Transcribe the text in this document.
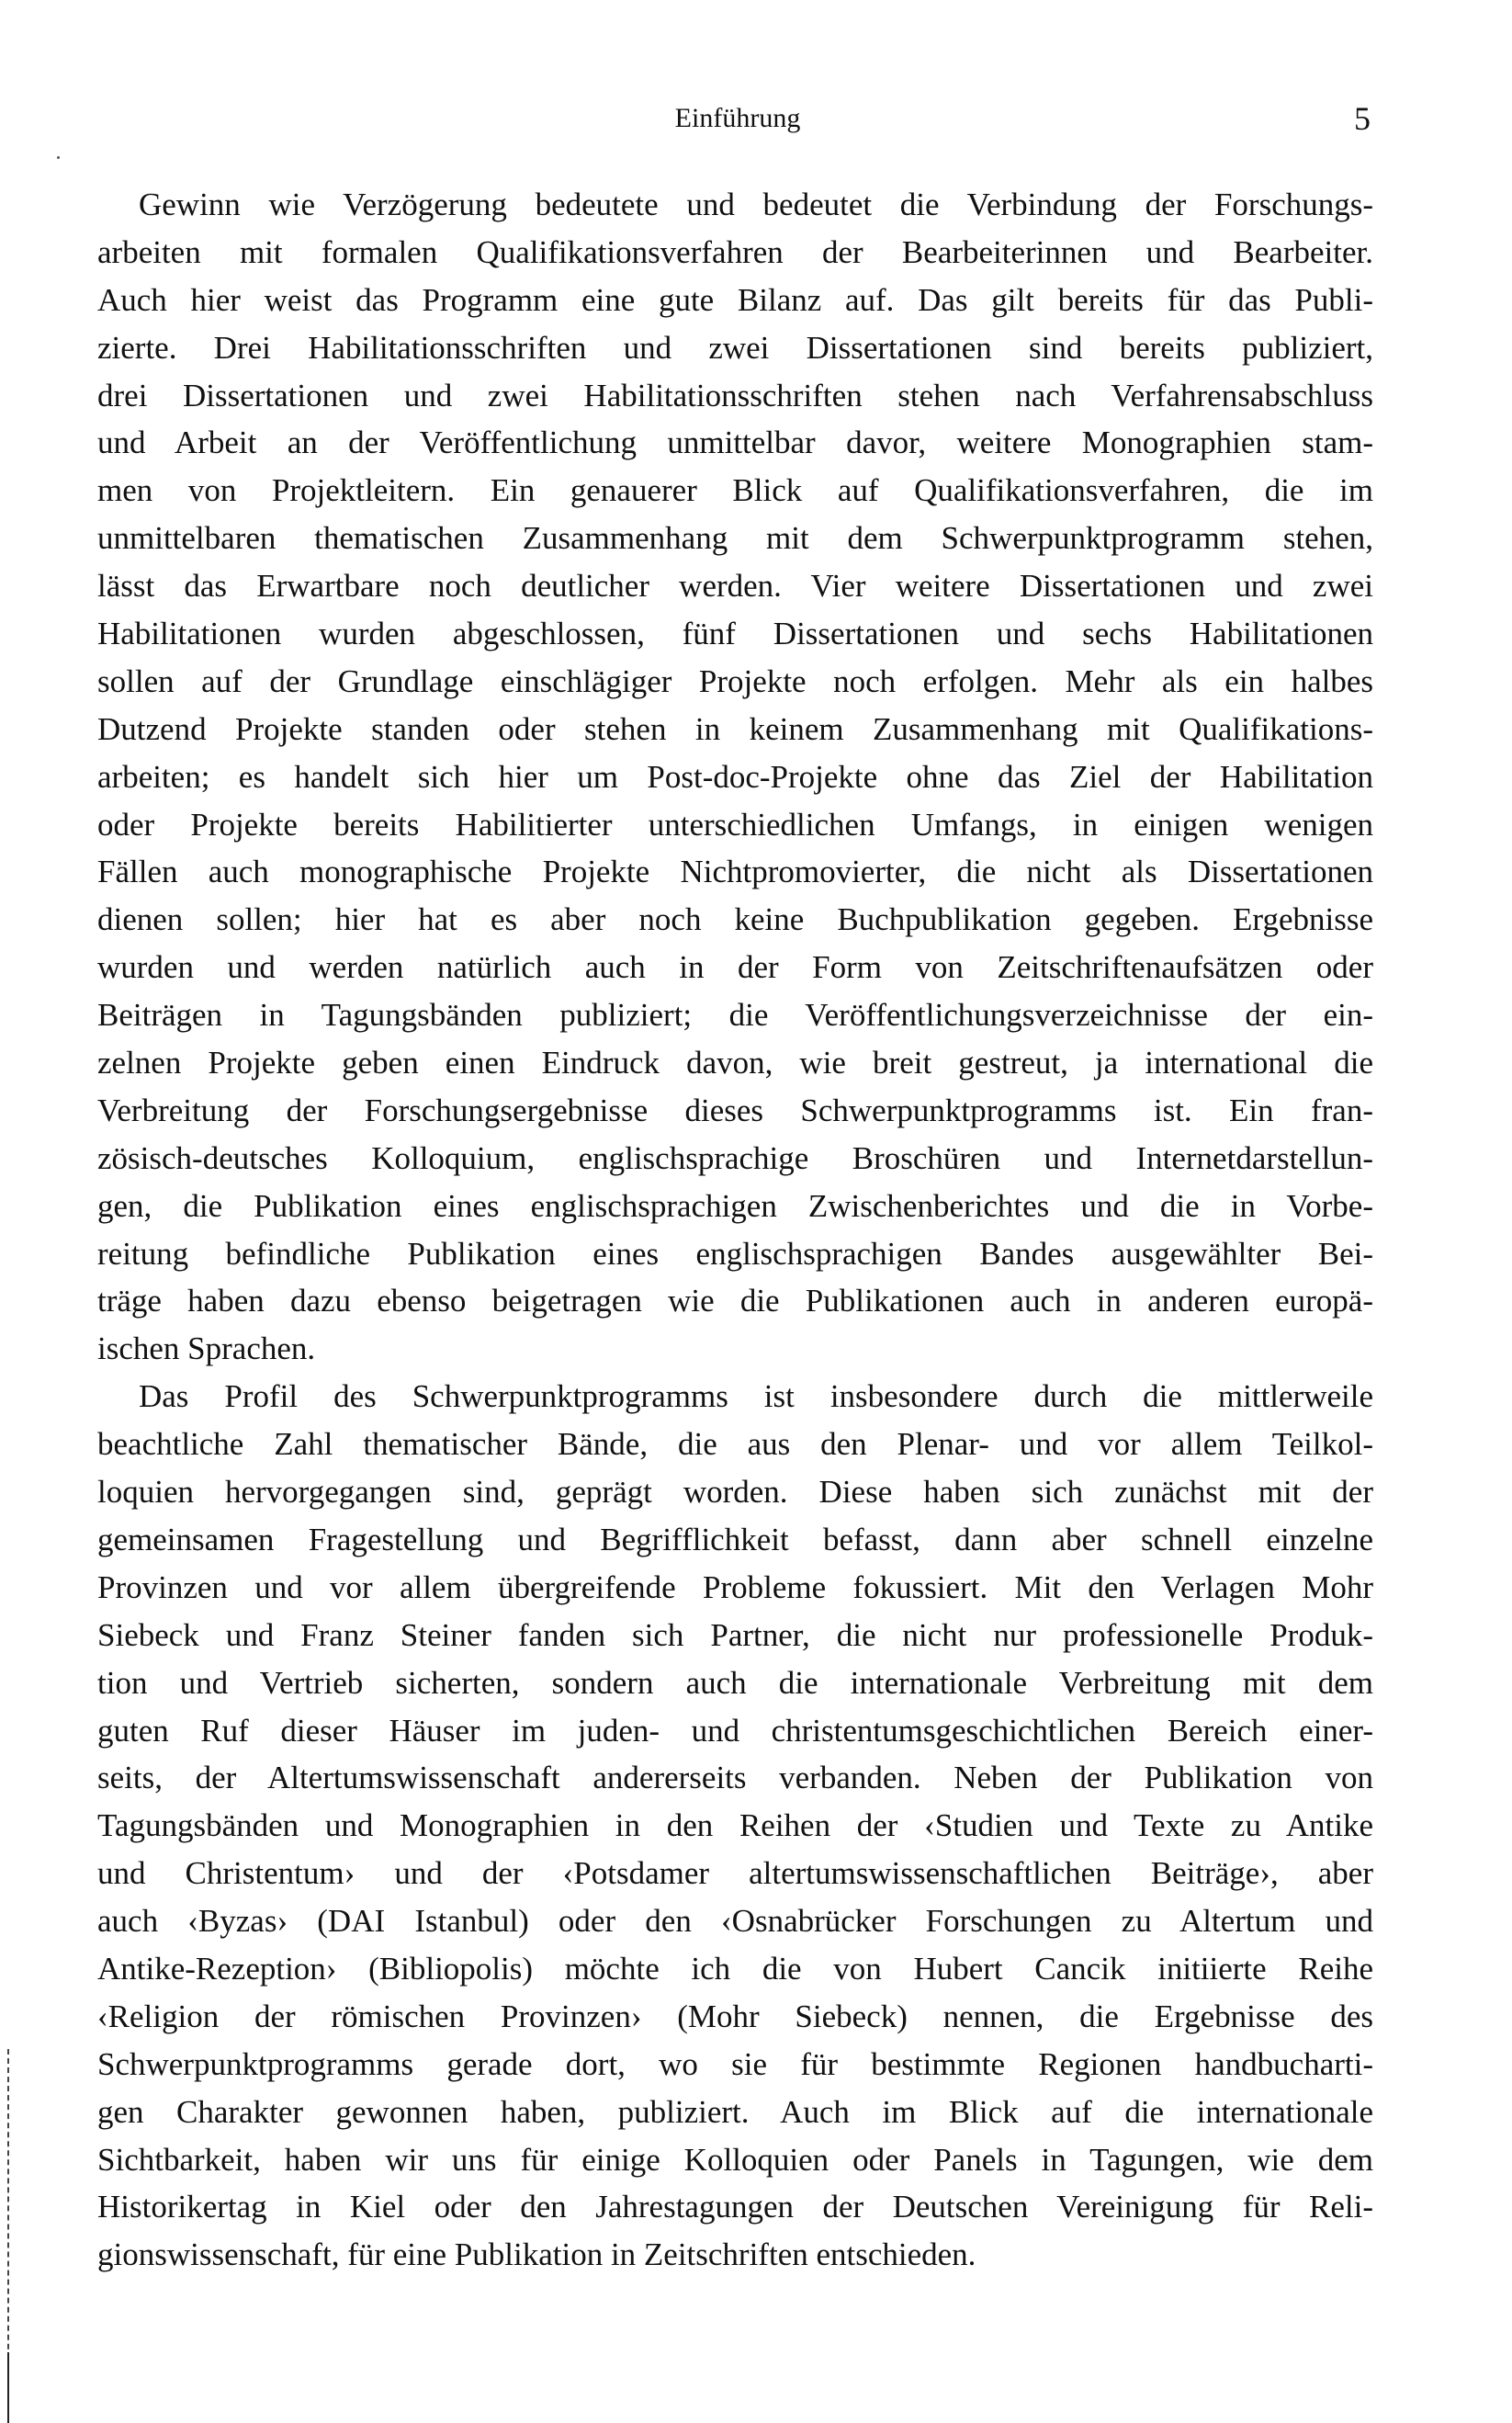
Einführung	5
Gewinn wie Verzögerung bedeutete und bedeutet die Verbindung der Forschungs-
arbeiten mit formalen Qualifikationsverfahren der Bearbeiterinnen und Bearbeiter.
Auch hier weist das Programm eine gute Bilanz auf. Das gilt bereits für das Publi-
zierte. Drei Habilitationsschriften und zwei Dissertationen sind bereits publiziert,
drei Dissertationen und zwei Habilitationsschriften stehen nach Verfahrensabschluss
und Arbeit an der Veröffentlichung unmittelbar davor, weitere Monographien stam-
men von Projektleitern. Ein genauerer Blick auf Qualifikationsverfahren, die im
unmittelbaren thematischen Zusammenhang mit dem Schwerpunktprogramm stehen,
lässt das Erwartbare noch deutlicher werden. Vier weitere Dissertationen und zwei
Habilitationen wurden abgeschlossen, fünf Dissertationen und sechs Habilitationen
sollen auf der Grundlage einschlägiger Projekte noch erfolgen. Mehr als ein halbes
Dutzend Projekte standen oder stehen in keinem Zusammenhang mit Qualifikations-
arbeiten; es handelt sich hier um Post-doc-Projekte ohne das Ziel der Habilitation
oder Projekte bereits Habilitierter unterschiedlichen Umfangs, in einigen wenigen
Fällen auch monographische Projekte Nichtpromovierter, die nicht als Dissertationen
dienen sollen; hier hat es aber noch keine Buchpublikation gegeben. Ergebnisse
wurden und werden natürlich auch in der Form von Zeitschriftenaufsätzen oder
Beiträgen in Tagungsbänden publiziert; die Veröffentlichungsverzeichnisse der ein-
zelnen Projekte geben einen Eindruck davon, wie breit gestreut, ja international die
Verbreitung der Forschungsergebnisse dieses Schwerpunktprogramms ist. Ein fran-
zösisch-deutsches Kolloquium, englischsprachige Broschüren und Internetdarstellun-
gen, die Publikation eines englischsprachigen Zwischenberichtes und die in Vorbe-
reitung befindliche Publikation eines englischsprachigen Bandes ausgewählter Bei-
träge haben dazu ebenso beigetragen wie die Publikationen auch in anderen europä-
ischen Sprachen.
Das Profil des Schwerpunktprogramms ist insbesondere durch die mittlerweile
beachtliche Zahl thematischer Bände, die aus den Plenar- und vor allem Teilkol-
loquien hervorgegangen sind, geprägt worden. Diese haben sich zunächst mit der
gemeinsamen Fragestellung und Begrifflichkeit befasst, dann aber schnell einzelne
Provinzen und vor allem übergreifende Probleme fokussiert. Mit den Verlagen Mohr
Siebeck und Franz Steiner fanden sich Partner, die nicht nur professionelle Produk-
tion und Vertrieb sicherten, sondern auch die internationale Verbreitung mit dem
guten Ruf dieser Häuser im juden- und christentumsgeschichtlichen Bereich einer-
seits, der Altertumswissenschaft andererseits verbanden. Neben der Publikation von
Tagungsbänden und Monographien in den Reihen der ‹Studien und Texte zu Antike
und Christentum› und der ‹Potsdamer altertumswissenschaftlichen Beiträge›, aber
auch ‹Byzas› (DAI Istanbul) oder den ‹Osnabrücker Forschungen zu Altertum und
Antike-Rezeption› (Bibliopolis) möchte ich die von Hubert Cancik initiierte Reihe
‹Religion der römischen Provinzen› (Mohr Siebeck) nennen, die Ergebnisse des
Schwerpunktprogramms gerade dort, wo sie für bestimmte Regionen handbucharti-
gen Charakter gewonnen haben, publiziert. Auch im Blick auf die internationale
Sichtbarkeit, haben wir uns für einige Kolloquien oder Panels in Tagungen, wie dem
Historikertag in Kiel oder den Jahrestagungen der Deutschen Vereinigung für Reli-
gionswissenschaft, für eine Publikation in Zeitschriften entschieden.
